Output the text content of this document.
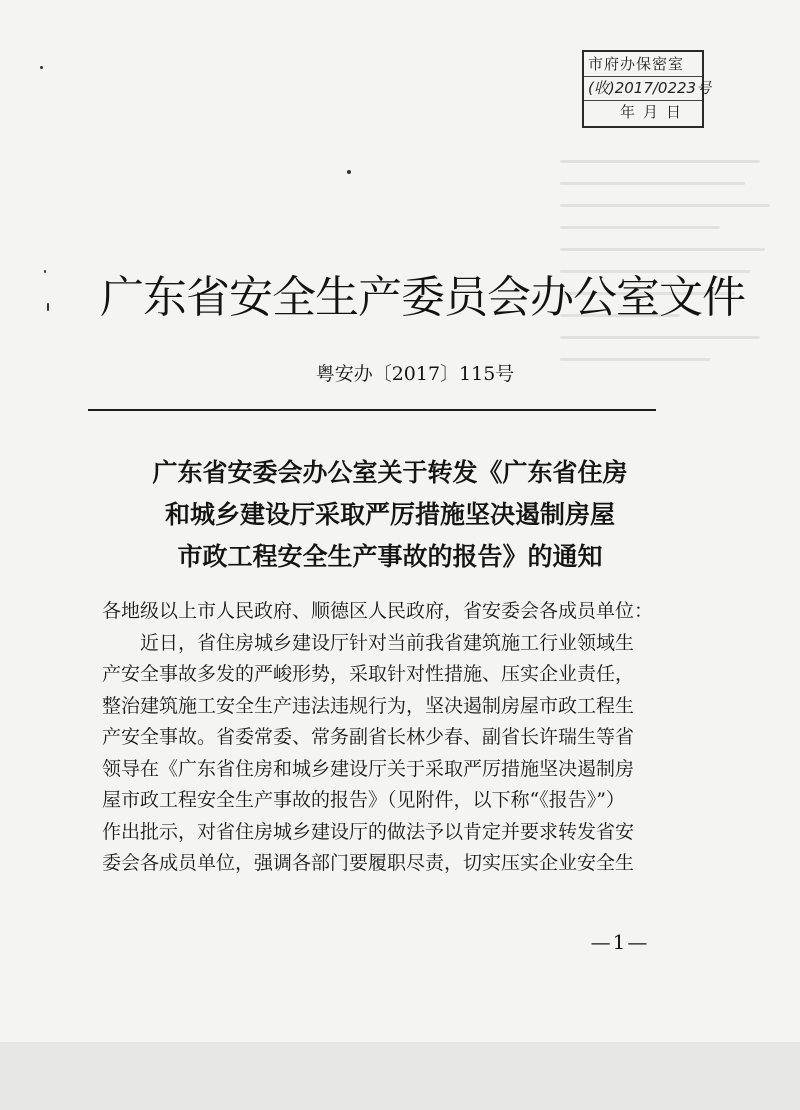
市府办保密室
(收)2017/0223号
年月日
广东省安全生产委员会办公室文件
粤安办〔2017〕115号
广东省安委会办公室关于转发《广东省住房
和城乡建设厅采取严厉措施坚决遏制房屋
市政工程安全生产事故的报告》的通知
各地级以上市人民政府、顺德区人民政府，省安委会各成员单位：
近日，省住房城乡建设厅针对当前我省建筑施工行业领域生
产安全事故多发的严峻形势，采取针对性措施、压实企业责任，
整治建筑施工安全生产违法违规行为，坚决遏制房屋市政工程生
产安全事故。省委常委、常务副省长林少春、副省长许瑞生等省
领导在《广东省住房和城乡建设厅关于采取严厉措施坚决遏制房
屋市政工程安全生产事故的报告》（见附件，以下称“《报告》”）
作出批示，对省住房城乡建设厅的做法予以肯定并要求转发省安
委会各成员单位，强调各部门要履职尽责，切实压实企业安全生
—1—
